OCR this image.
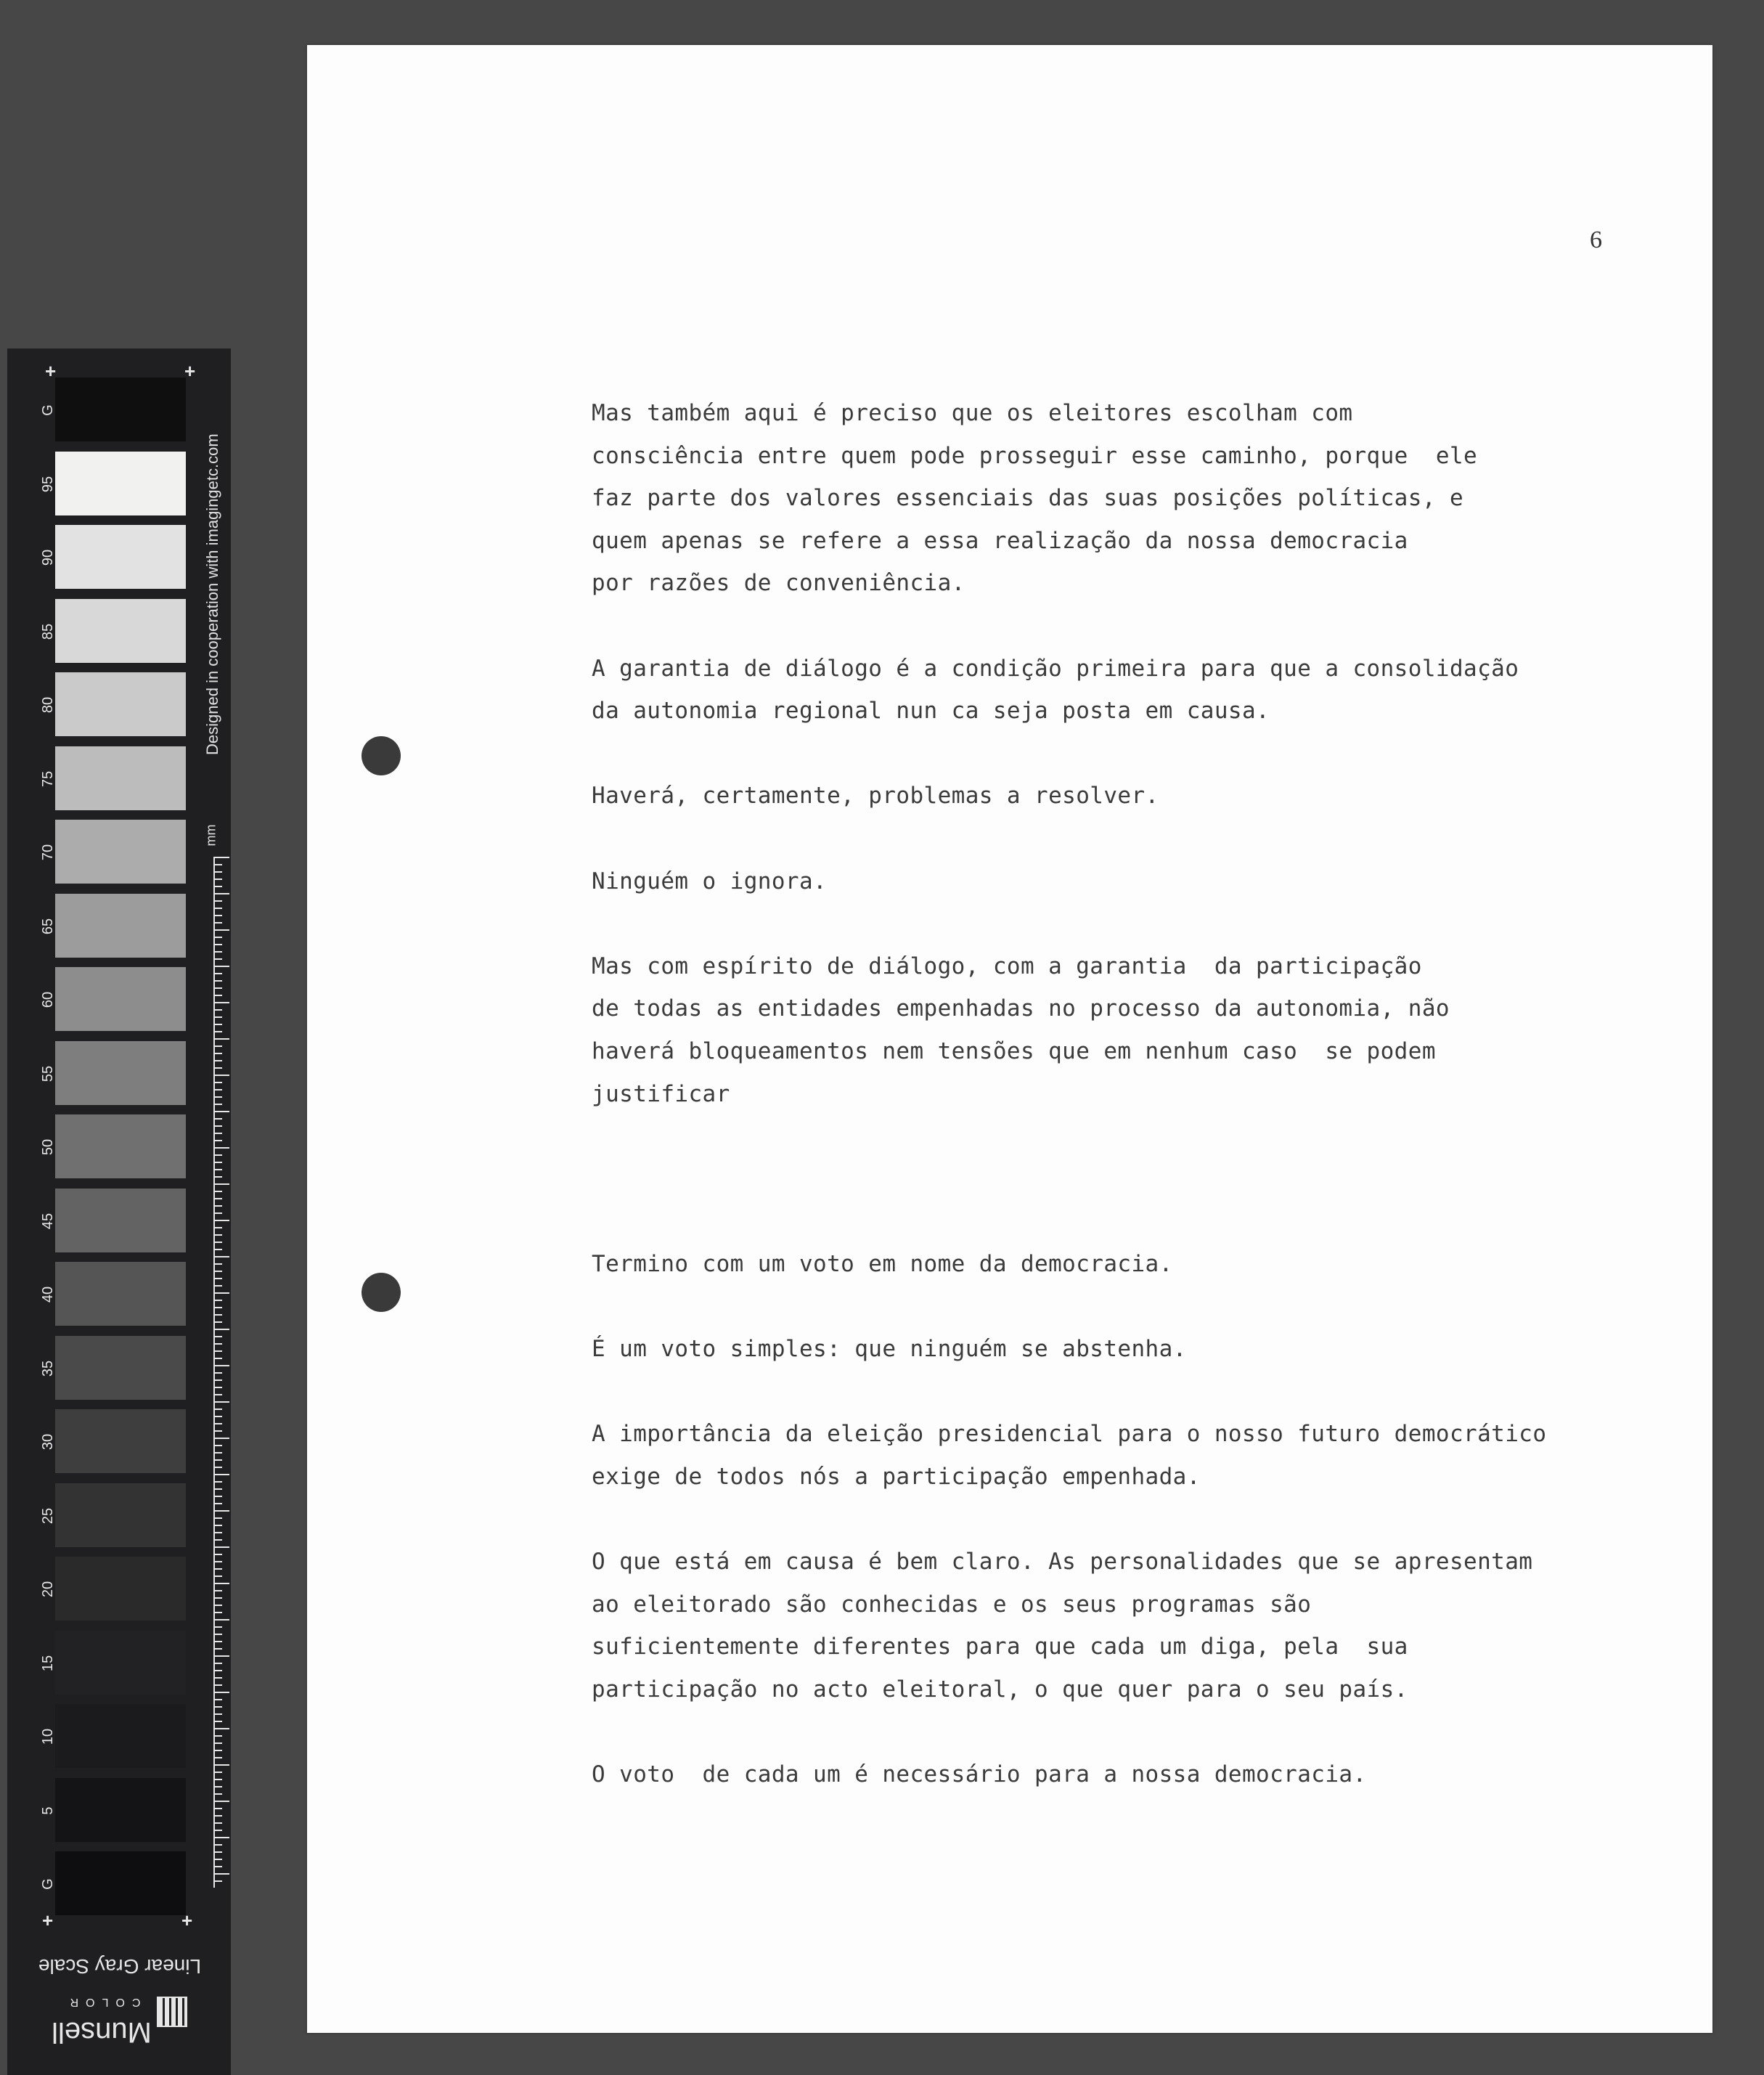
G
95
90
85
80
75
70
65
60
55
50
45
40
35
30
25
20
15
10
5
G
+	+
+	+
Designed in cooperation with imagingetc.com
mm
Linear Gray Scale
Munsell
COLOR
6
Mas também aqui é preciso que os eleitores escolham com
consciência entre quem pode prosseguir esse caminho, porque  ele
faz parte dos valores essenciais das suas posições políticas, e
quem apenas se refere a essa realização da nossa democracia
por razões de conveniência.
A garantia de diálogo é a condição primeira para que a consolidação
da autonomia regional nun ca seja posta em causa.
Haverá, certamente, problemas a resolver.
Ninguém o ignora.
Mas com espírito de diálogo, com a garantia  da participação
de todas as entidades empenhadas no processo da autonomia, não
haverá bloqueamentos nem tensões que em nenhum caso  se podem
justificar
Termino com um voto em nome da democracia.
É um voto simples: que ninguém se abstenha.
A importância da eleição presidencial para o nosso futuro democrático
exige de todos nós a participação empenhada.
O que está em causa é bem claro. As personalidades que se apresentam
ao eleitorado são conhecidas e os seus programas são
suficientemente diferentes para que cada um diga, pela  sua
participação no acto eleitoral, o que quer para o seu país.
O voto  de cada um é necessário para a nossa democracia.
